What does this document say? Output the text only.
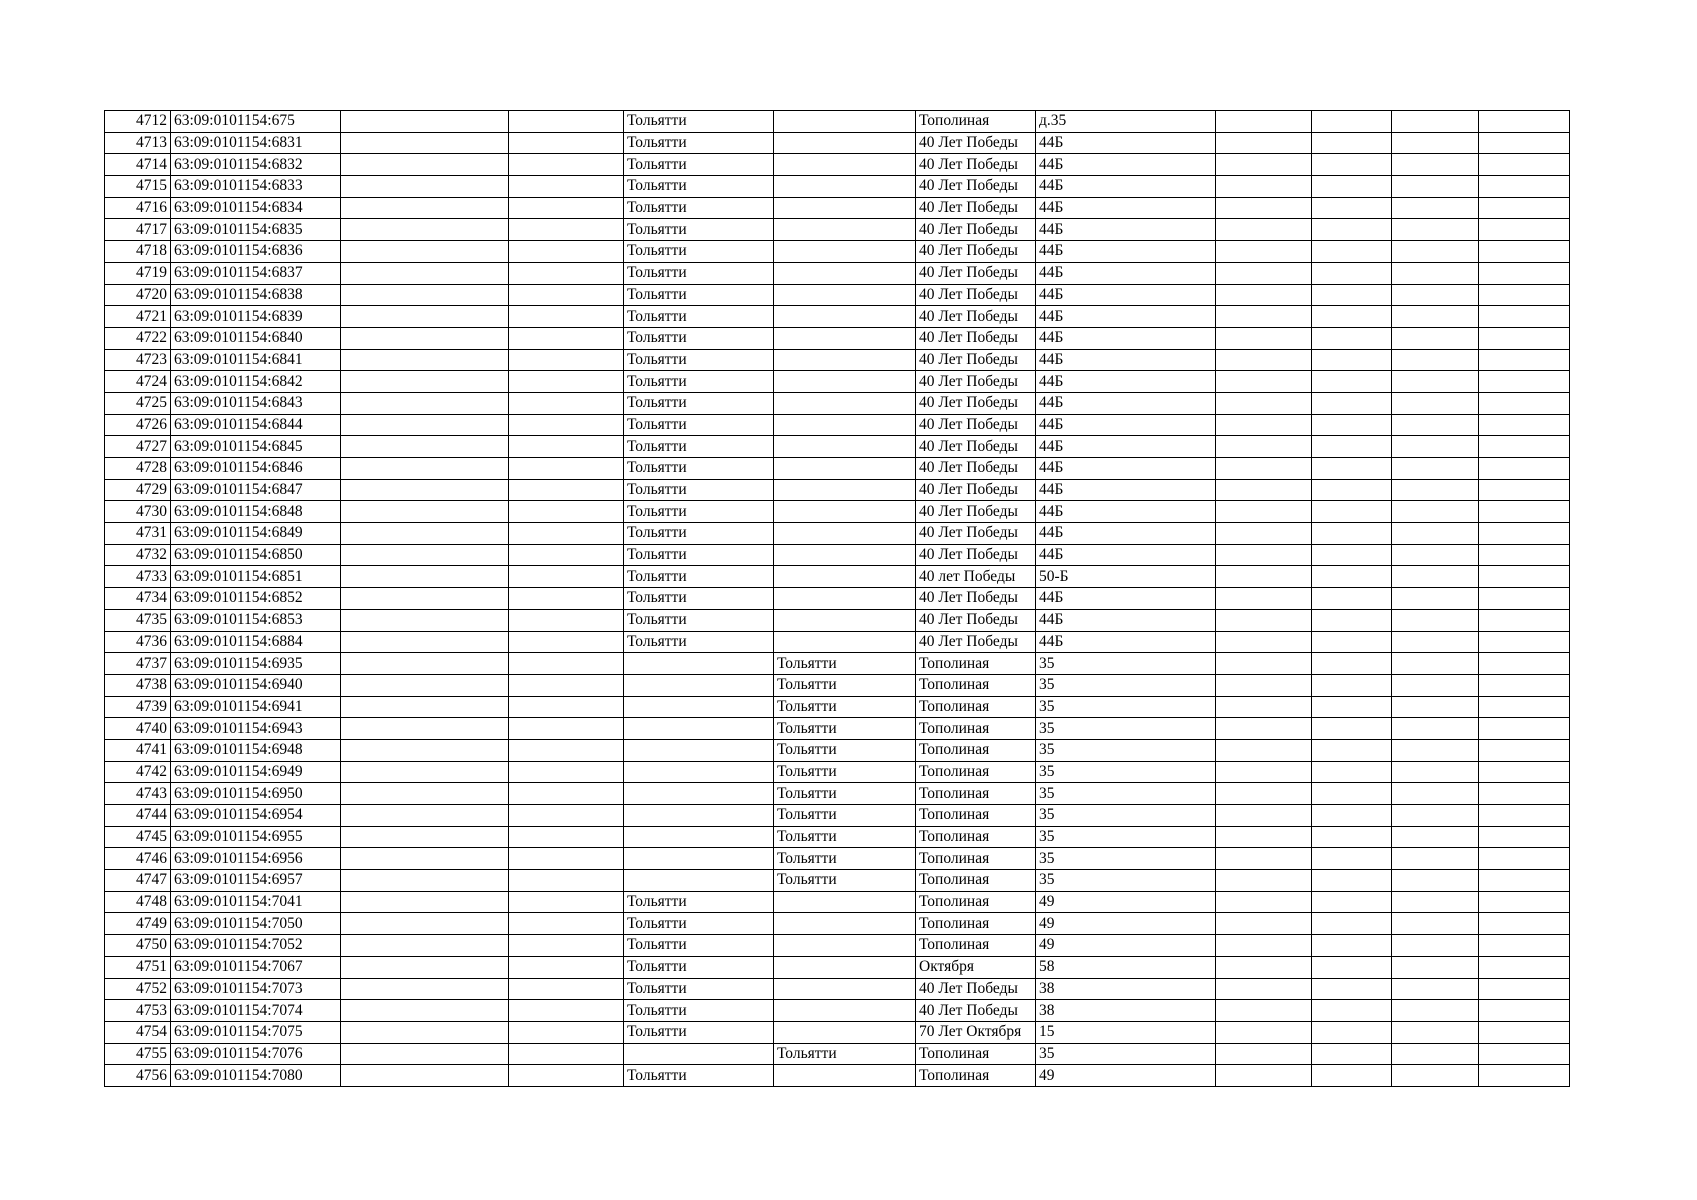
4712	63:09:0101154:675			Тольятти		Тополиная	д.35				
4713	63:09:0101154:6831			Тольятти		40 Лет Победы	44Б				
4714	63:09:0101154:6832			Тольятти		40 Лет Победы	44Б				
4715	63:09:0101154:6833			Тольятти		40 Лет Победы	44Б				
4716	63:09:0101154:6834			Тольятти		40 Лет Победы	44Б				
4717	63:09:0101154:6835			Тольятти		40 Лет Победы	44Б				
4718	63:09:0101154:6836			Тольятти		40 Лет Победы	44Б				
4719	63:09:0101154:6837			Тольятти		40 Лет Победы	44Б				
4720	63:09:0101154:6838			Тольятти		40 Лет Победы	44Б				
4721	63:09:0101154:6839			Тольятти		40 Лет Победы	44Б				
4722	63:09:0101154:6840			Тольятти		40 Лет Победы	44Б				
4723	63:09:0101154:6841			Тольятти		40 Лет Победы	44Б				
4724	63:09:0101154:6842			Тольятти		40 Лет Победы	44Б				
4725	63:09:0101154:6843			Тольятти		40 Лет Победы	44Б				
4726	63:09:0101154:6844			Тольятти		40 Лет Победы	44Б				
4727	63:09:0101154:6845			Тольятти		40 Лет Победы	44Б				
4728	63:09:0101154:6846			Тольятти		40 Лет Победы	44Б				
4729	63:09:0101154:6847			Тольятти		40 Лет Победы	44Б				
4730	63:09:0101154:6848			Тольятти		40 Лет Победы	44Б				
4731	63:09:0101154:6849			Тольятти		40 Лет Победы	44Б				
4732	63:09:0101154:6850			Тольятти		40 Лет Победы	44Б				
4733	63:09:0101154:6851			Тольятти		40 лет Победы	50-Б				
4734	63:09:0101154:6852			Тольятти		40 Лет Победы	44Б				
4735	63:09:0101154:6853			Тольятти		40 Лет Победы	44Б				
4736	63:09:0101154:6884			Тольятти		40 Лет Победы	44Б				
4737	63:09:0101154:6935				Тольятти	Тополиная	35				
4738	63:09:0101154:6940				Тольятти	Тополиная	35				
4739	63:09:0101154:6941				Тольятти	Тополиная	35				
4740	63:09:0101154:6943				Тольятти	Тополиная	35				
4741	63:09:0101154:6948				Тольятти	Тополиная	35				
4742	63:09:0101154:6949				Тольятти	Тополиная	35				
4743	63:09:0101154:6950				Тольятти	Тополиная	35				
4744	63:09:0101154:6954				Тольятти	Тополиная	35				
4745	63:09:0101154:6955				Тольятти	Тополиная	35				
4746	63:09:0101154:6956				Тольятти	Тополиная	35				
4747	63:09:0101154:6957				Тольятти	Тополиная	35				
4748	63:09:0101154:7041			Тольятти		Тополиная	49				
4749	63:09:0101154:7050			Тольятти		Тополиная	49				
4750	63:09:0101154:7052			Тольятти		Тополиная	49				
4751	63:09:0101154:7067			Тольятти		Октября	58				
4752	63:09:0101154:7073			Тольятти		40 Лет Победы	38				
4753	63:09:0101154:7074			Тольятти		40 Лет Победы	38				
4754	63:09:0101154:7075			Тольятти		70 Лет Октября	15				
4755	63:09:0101154:7076				Тольятти	Тополиная	35				
4756	63:09:0101154:7080			Тольятти		Тополиная	49				
